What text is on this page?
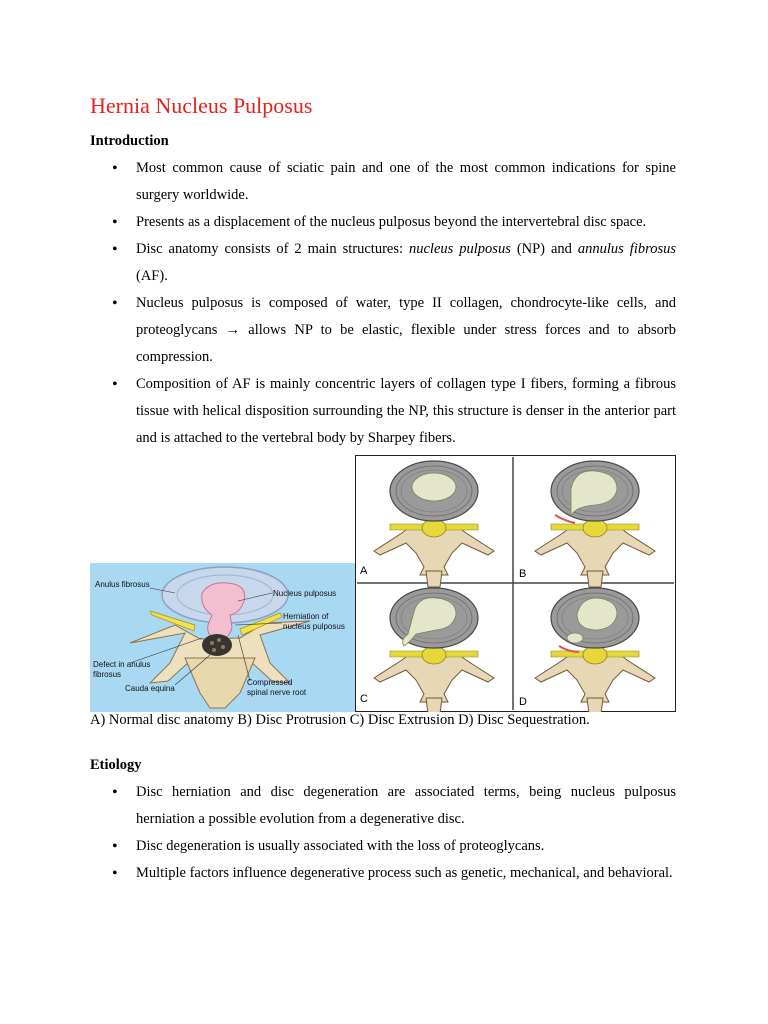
Hernia Nucleus Pulposus
Introduction
• Most common cause of sciatic pain and one of the most common indications for spine surgery worldwide.
• Presents as a displacement of the nucleus pulposus beyond the intervertebral disc space.
• Disc anatomy consists of 2 main structures: nucleus pulposus (NP) and annulus fibrosus (AF).
• Nucleus pulposus is composed of water, type II collagen, chondrocyte-like cells, and proteoglycans → allows NP to be elastic, flexible under stress forces and to absorb compression.
• Composition of AF is mainly concentric layers of collagen type I fibers, forming a fibrous tissue with helical disposition surrounding the NP, this structure is denser in the anterior part and is attached to the vertebral body by Sharpey fibers.
Anulus fibrosus
Nucleus pulposus
Herniation of
nucleus pulposus
Defect in anulus
fibrosus
Cauda equina
Compressed
spinal nerve root
A	B
C	D
A) Normal disc anatomy B) Disc Protrusion C) Disc Extrusion D) Disc Sequestration.
Etiology
• Disc herniation and disc degeneration are associated terms, being nucleus pulposus herniation a possible evolution from a degenerative disc.
• Disc degeneration is usually associated with the loss of proteoglycans.
• Multiple factors influence degenerative process such as genetic, mechanical, and behavioral.
